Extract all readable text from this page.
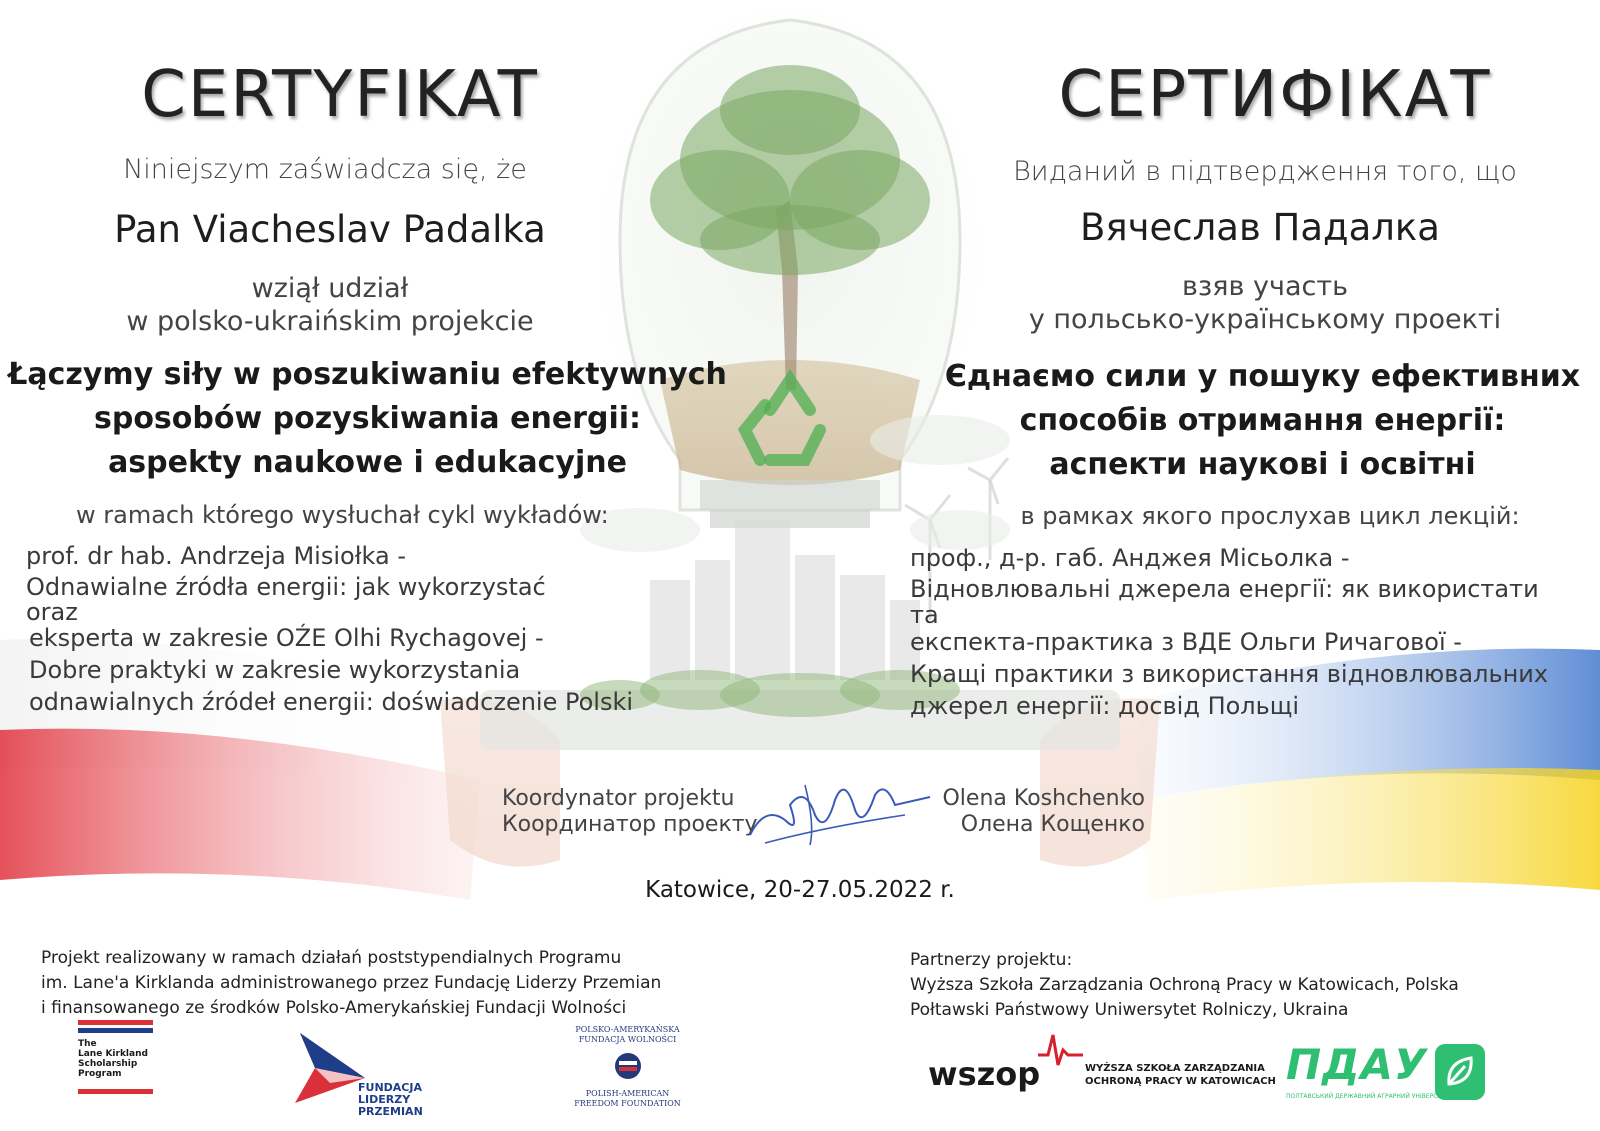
CERTYFIKAT
Niniejszym zaświadcza się, że
Pan Viacheslav Padalka
wziął udział
w polsko-ukraińskim projekcie
Łączymy siły w poszukiwaniu efektywnych
sposobów pozyskiwania energii:
aspekty naukowe i edukacyjne
w ramach którego wysłuchał cykl wykładów:
prof. dr hab. Andrzeja Misiołka -
Odnawialne źródła energii: jak wykorzystać
oraz
eksperta w zakresie OŹE Olhi Rychagovej -
Dobre praktyki w zakresie wykorzystania
odnawialnych źródeł energii: doświadczenie Polski
СЕРТИФІКАТ
Виданий в підтвердження того, що
Вячеслав Падалка
взяв участь
у польсько-українському проекті
Єднаємо сили у пошуку ефективних
способів отримання енергії:
аспекти наукові і освітні
в рамках якого прослухав цикл лекцій:
проф., д-р. габ. Анджея Місьолка -
Відновлювальні джерела енергії: як використати
та
експекта-практика з ВДЕ Ольги Ричагової -
Кращі практики з використання відновлювальних
джерел енергії: досвід Польщі
Koordynator projektu
Координатор проекту
Olena Koshchenko
Олена Кощенко
Katowice, 20-27.05.2022 r.
Projekt realizowany w ramach działań poststypendialnych Programu
im. Lane'a Kirklanda administrowanego przez Fundację Liderzy Przemian
i finansowanego ze środków Polsko-Amerykańskiej Fundacji Wolności
Partnerzy projektu:
Wyższa Szkoła Zarządzania Ochroną Pracy w Katowicach, Polska
Połtawski Państwowy Uniwersytet Rolniczy, Ukraina
The
Lane Kirkland
Scholarship
Program
FUNDACJA
LIDERZY
PRZEMIAN
POLSKO-AMERYKAŃSKA
FUNDACJA WOLNOŚCI
POLISH-AMERICAN
FREEDOM FOUNDATION
wszop	WYŻSZA SZKOŁA ZARZĄDZANIA
OCHRONĄ PRACY W KATOWICACH ПДАУ
ПОЛТАВСЬКИЙ ДЕРЖАВНИЙ АГРАРНИЙ УНІВЕРСИТЕТ
